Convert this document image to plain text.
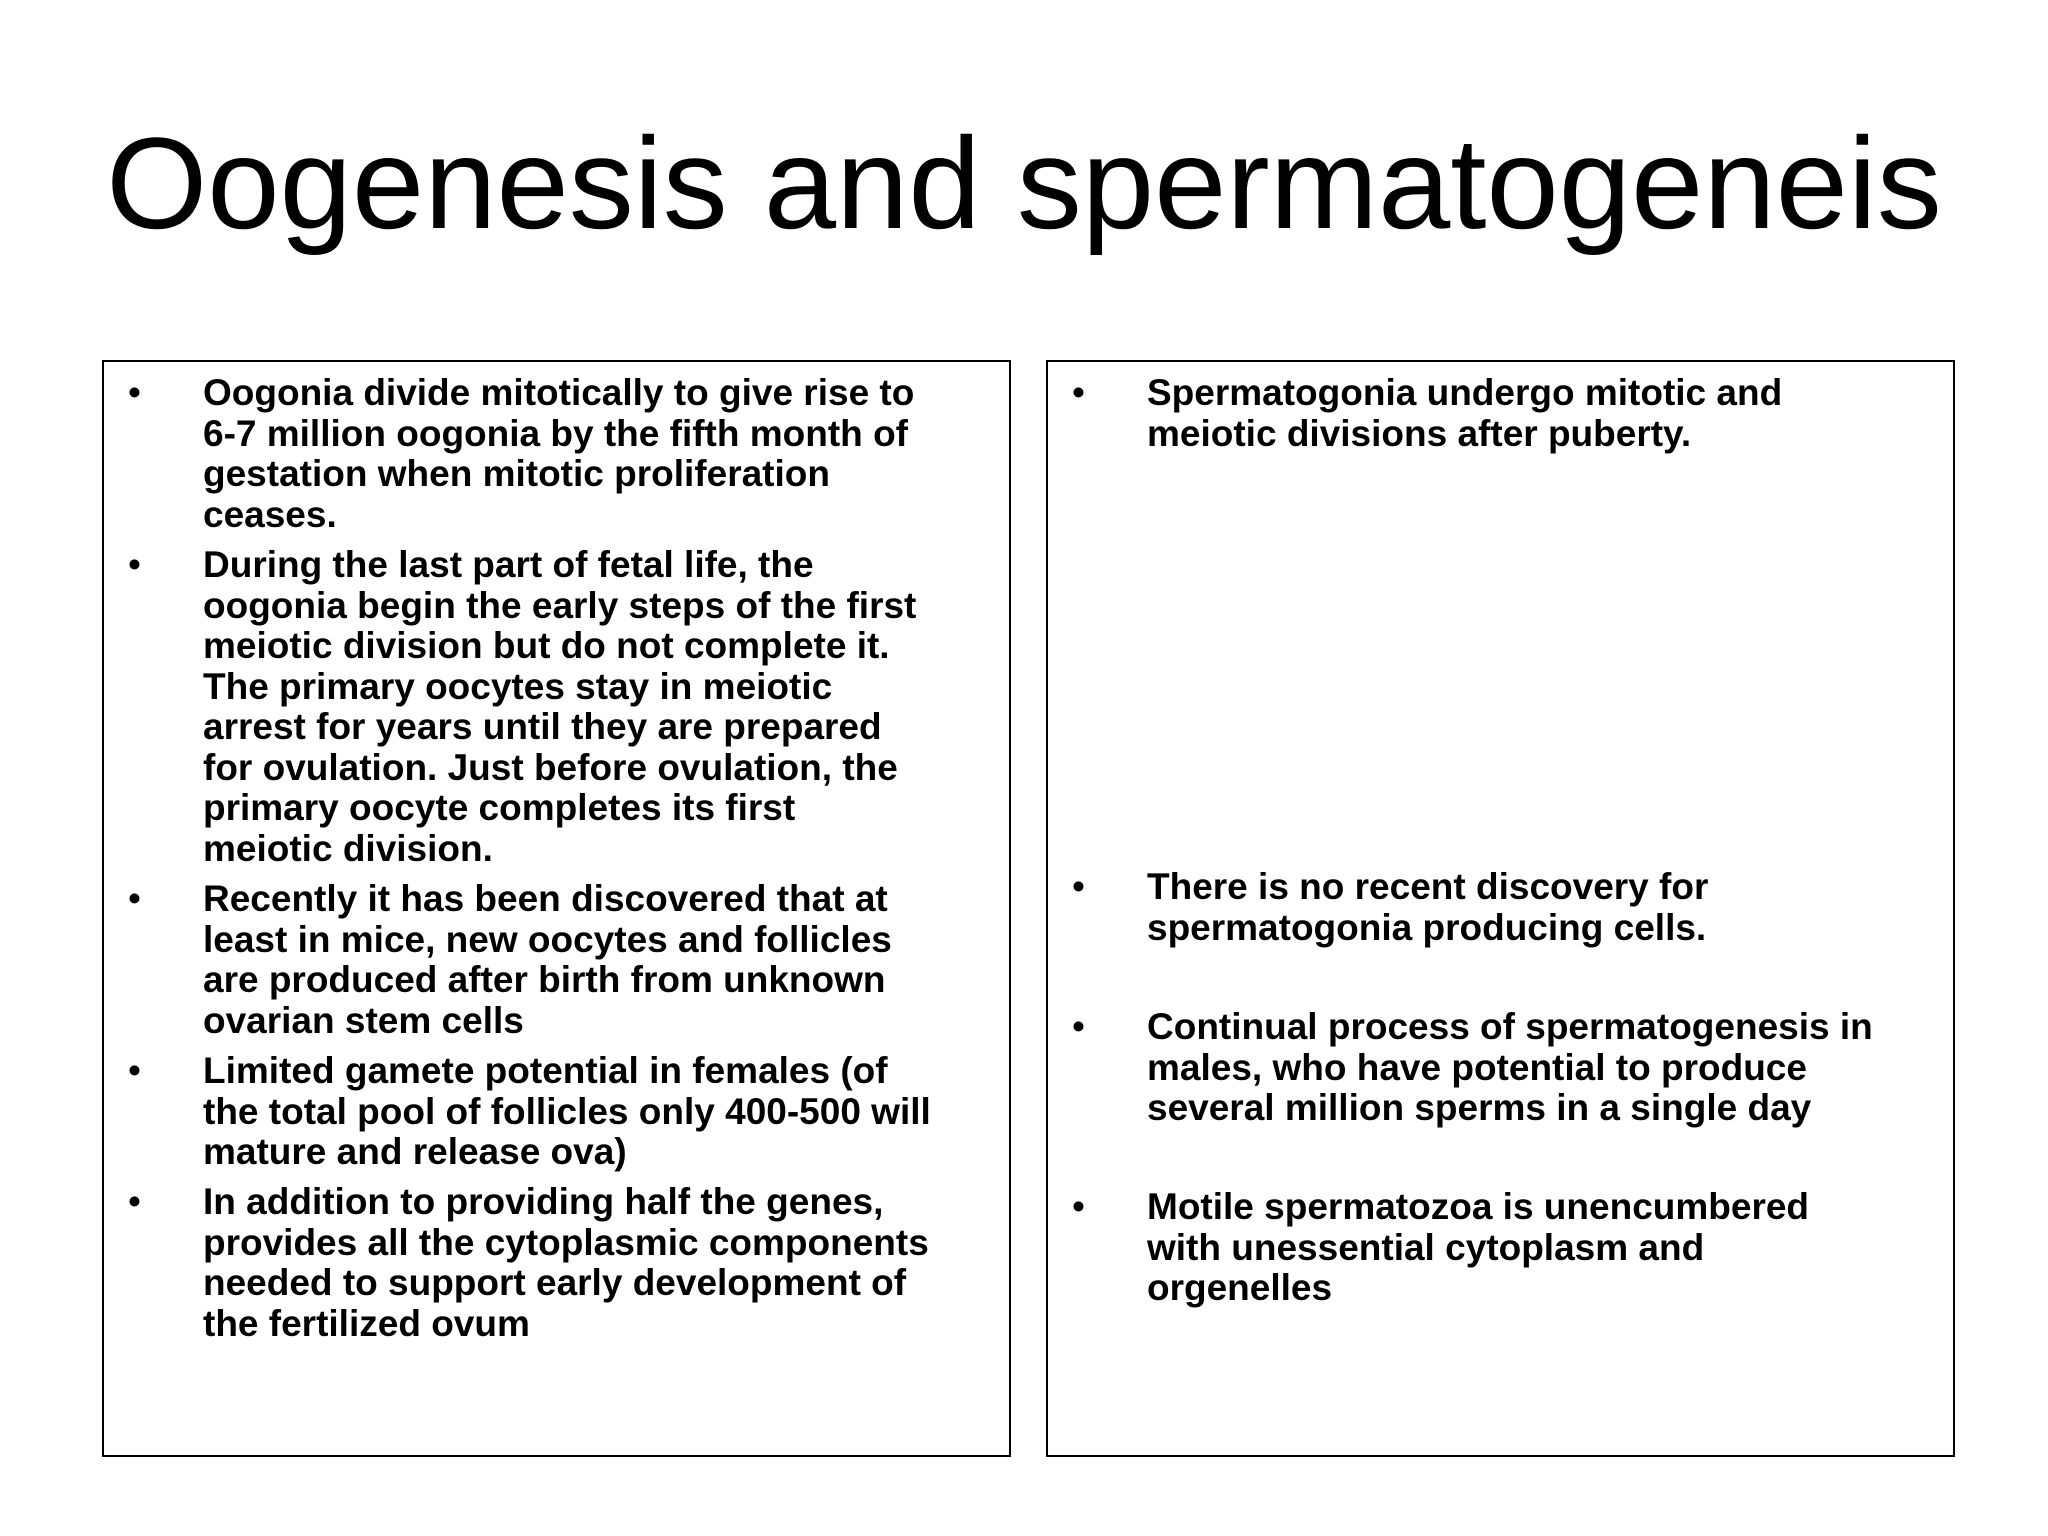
Oogenesis and spermatogeneis
•	Oogonia divide mitotically to give rise to
6-7 million oogonia by the fifth month of
gestation when mitotic proliferation
ceases.
•	During the last part of fetal life, the
oogonia begin the early steps of the first
meiotic division but do not complete it.
The primary oocytes stay in meiotic
arrest for years until they are prepared
for ovulation. Just before ovulation, the
primary oocyte completes its first
meiotic division.
•	Recently it has been discovered that at
least in mice, new oocytes and follicles
are produced after birth from unknown
ovarian stem cells
•	Limited gamete potential in females (of
the total pool of follicles only 400-500 will
mature and release ova)
•	In addition to providing half the genes,
provides all the cytoplasmic components
needed to support early development of
the fertilized ovum
•	Spermatogonia undergo mitotic and
meiotic divisions after puberty.
•	There is no recent discovery for
spermatogonia producing cells.
•	Continual process of spermatogenesis in
males, who have potential to produce
several million sperms in a single day
•	Motile spermatozoa is unencumbered
with unessential cytoplasm and
orgenelles
